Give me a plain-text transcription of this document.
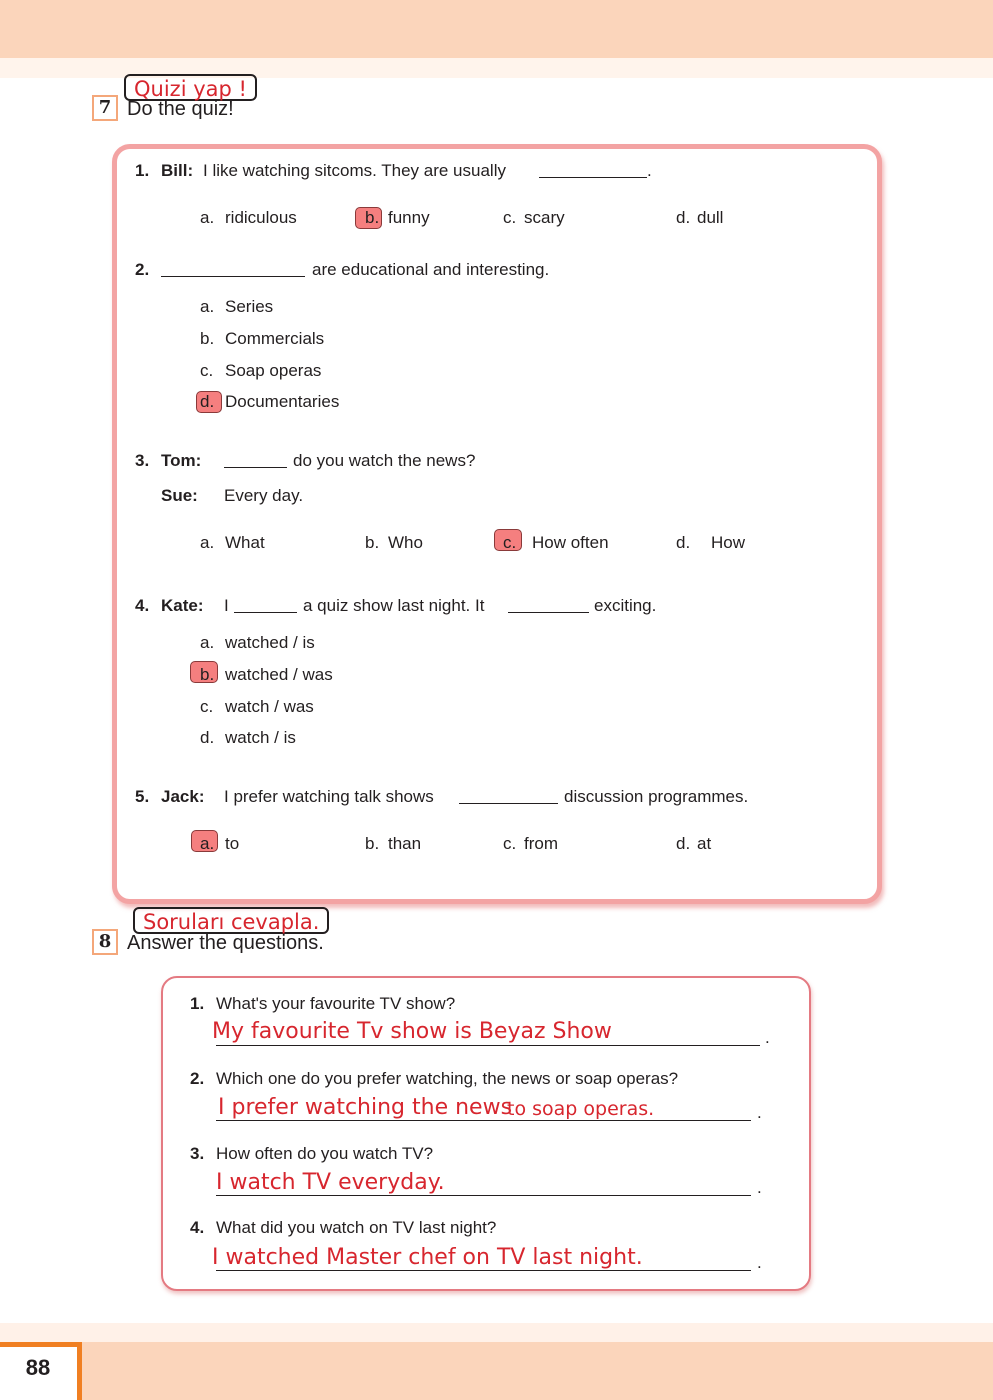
Quizi yap !
7 Do the quiz!
1. Bill: I like watching sitcoms. They are usually	.
a. ridiculous	b. funny	c. scary	d. dull
2.	are educational and interesting.
a. Series
b. Commercials
c. Soap operas
d. Documentaries
3. Tom:	do you watch the news?
Sue: Every day.
a. What	b. Who	c. How often	d. How
4. Kate: I	a quiz show last night. It	exciting.
a. watched / is
b. watched / was
c. watch / was
d. watch / is
5. Jack: I prefer watching talk shows	discussion programmes.
a. to	b. than	c. from	d. at
Soruları cevapla.
8 Answer the questions.
1. What's your favourite TV show?
My favourite Tv show is Beyaz Show	.
2. Which one do you prefer watching, the news or soap operas?
I prefer watching the news
to soap operas.	.
3. How often do you watch TV?
I watch TV everyday.	.
4. What did you watch on TV last night?
I watched Master chef on TV last night.	.
88
